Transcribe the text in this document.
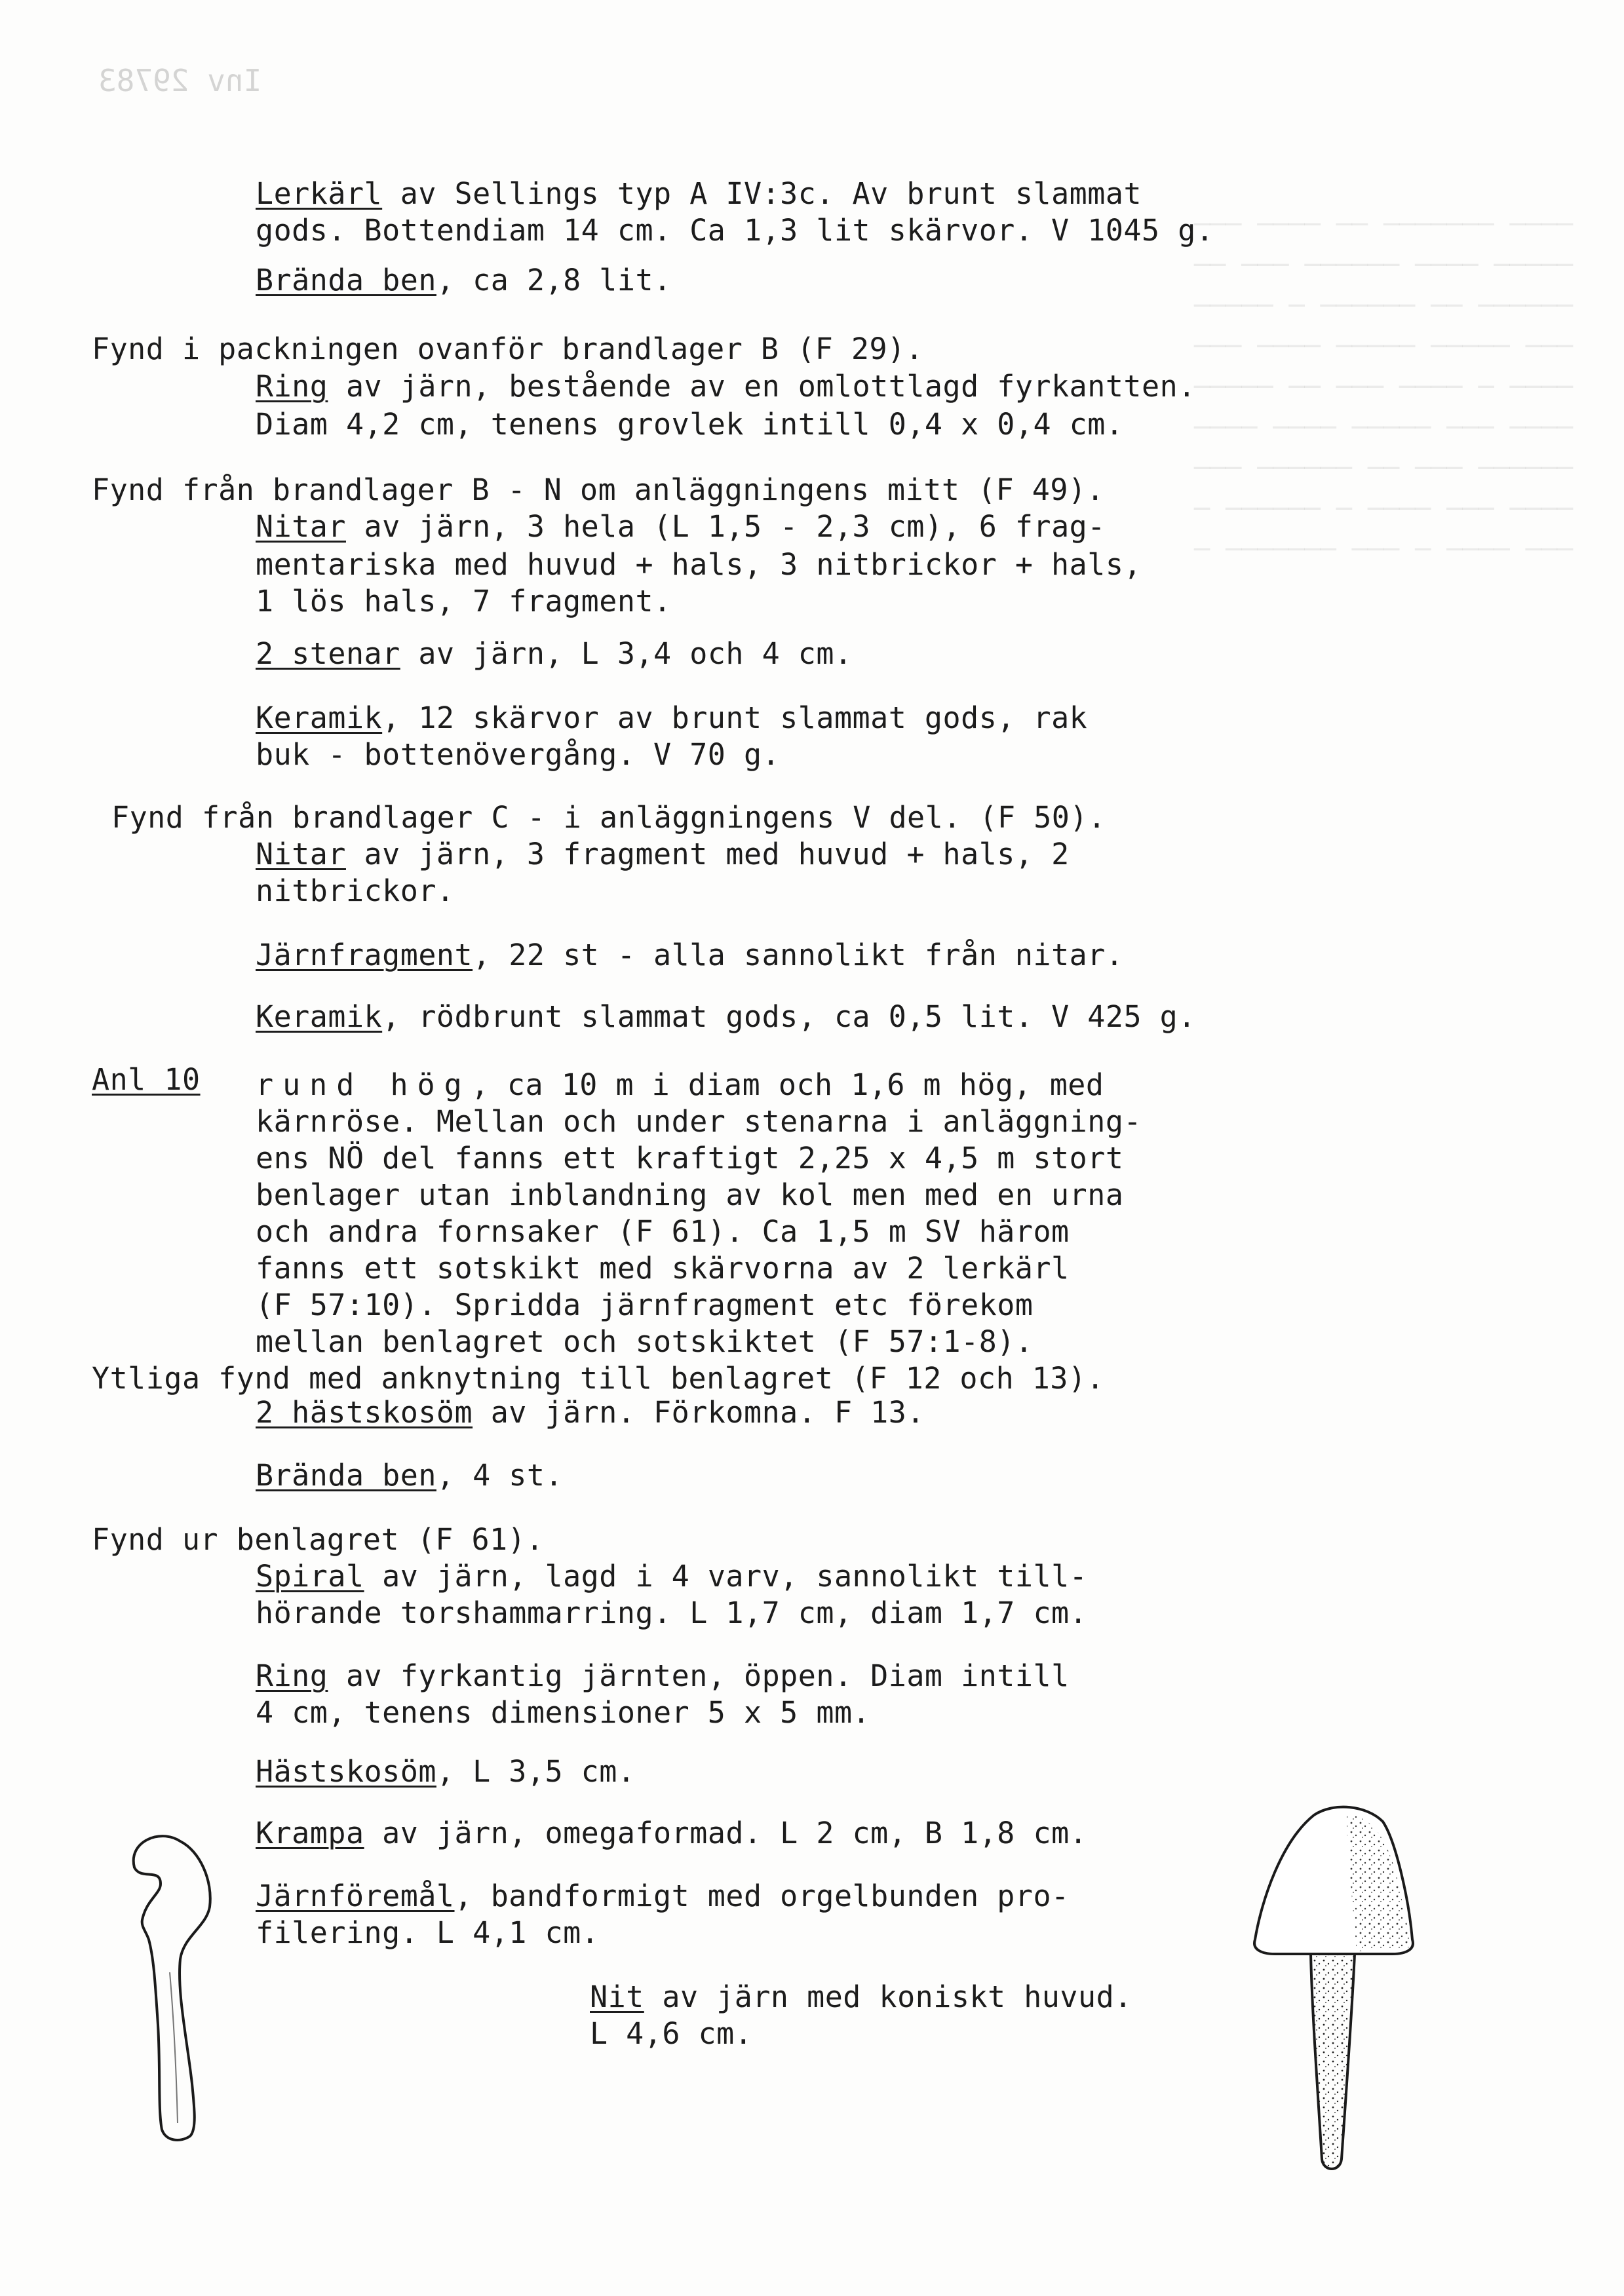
Inv 29783

──── ─────── ── ──── ───
───── ──── ────── ─── ──
────── ── ────── ─ ─────
─── ───── ───── ──── ───
──── ─ ──── ─── ── ─────
──── ─── ───── ──── ────
────── ─── ── ────── ───
──── ─── ──── ─ ────── ─
─── ──── ─ ─── ─────── ─

Lerkärl av Sellings typ A IV:3c. Av brunt slammat
gods. Bottendiam 14 cm. Ca 1,3 lit skärvor. V 1045 g.
Brända ben, ca 2,8 lit.
Fynd i packningen ovanför brandlager B (F 29).
Ring av järn, bestående av en omlottlagd fyrkantten.
Diam 4,2 cm, tenens grovlek intill 0,4 x 0,4 cm.
Fynd från brandlager B - N om anläggningens mitt (F 49).
Nitar av järn, 3 hela (L 1,5 - 2,3 cm), 6 frag-
mentariska med huvud + hals, 3 nitbrickor + hals,
1 lös hals, 7 fragment.
2 stenar av järn, L 3,4 och 4 cm.
Keramik, 12 skärvor av brunt slammat gods, rak
buk - bottenövergång. V 70 g.
Fynd från brandlager C - i anläggningens V del. (F 50).
Nitar av järn, 3 fragment med huvud + hals, 2
nitbrickor.
Järnfragment, 22 st - alla sannolikt från nitar.
Keramik, rödbrunt slammat gods, ca 0,5 lit. V 425 g.
Anl 10 rund hög, ca 10 m i diam och 1,6 m hög, med
kärnröse. Mellan och under stenarna i anläggning-
ens NÖ del fanns ett kraftigt 2,25 x 4,5 m stort
benlager utan inblandning av kol men med en urna
och andra fornsaker (F 61). Ca 1,5 m SV härom
fanns ett sotskikt med skärvorna av 2 lerkärl
(F 57:10). Spridda järnfragment etc förekom
mellan benlagret och sotskiktet (F 57:1-8).
Ytliga fynd med anknytning till benlagret (F 12 och 13).
2 hästskosöm av järn. Förkomna. F 13.
Brända ben, 4 st.
Fynd ur benlagret (F 61).
Spiral av järn, lagd i 4 varv, sannolikt till-
hörande torshammarring. L 1,7 cm, diam 1,7 cm.
Ring av fyrkantig järnten, öppen. Diam intill
4 cm, tenens dimensioner 5 x 5 mm.
Hästskosöm, L 3,5 cm.
Krampa av järn, omegaformad. L 2 cm, B 1,8 cm.
Järnföremål, bandformigt med orgelbunden pro-
filering. L 4,1 cm.
Nit av järn med koniskt huvud.
L 4,6 cm.
